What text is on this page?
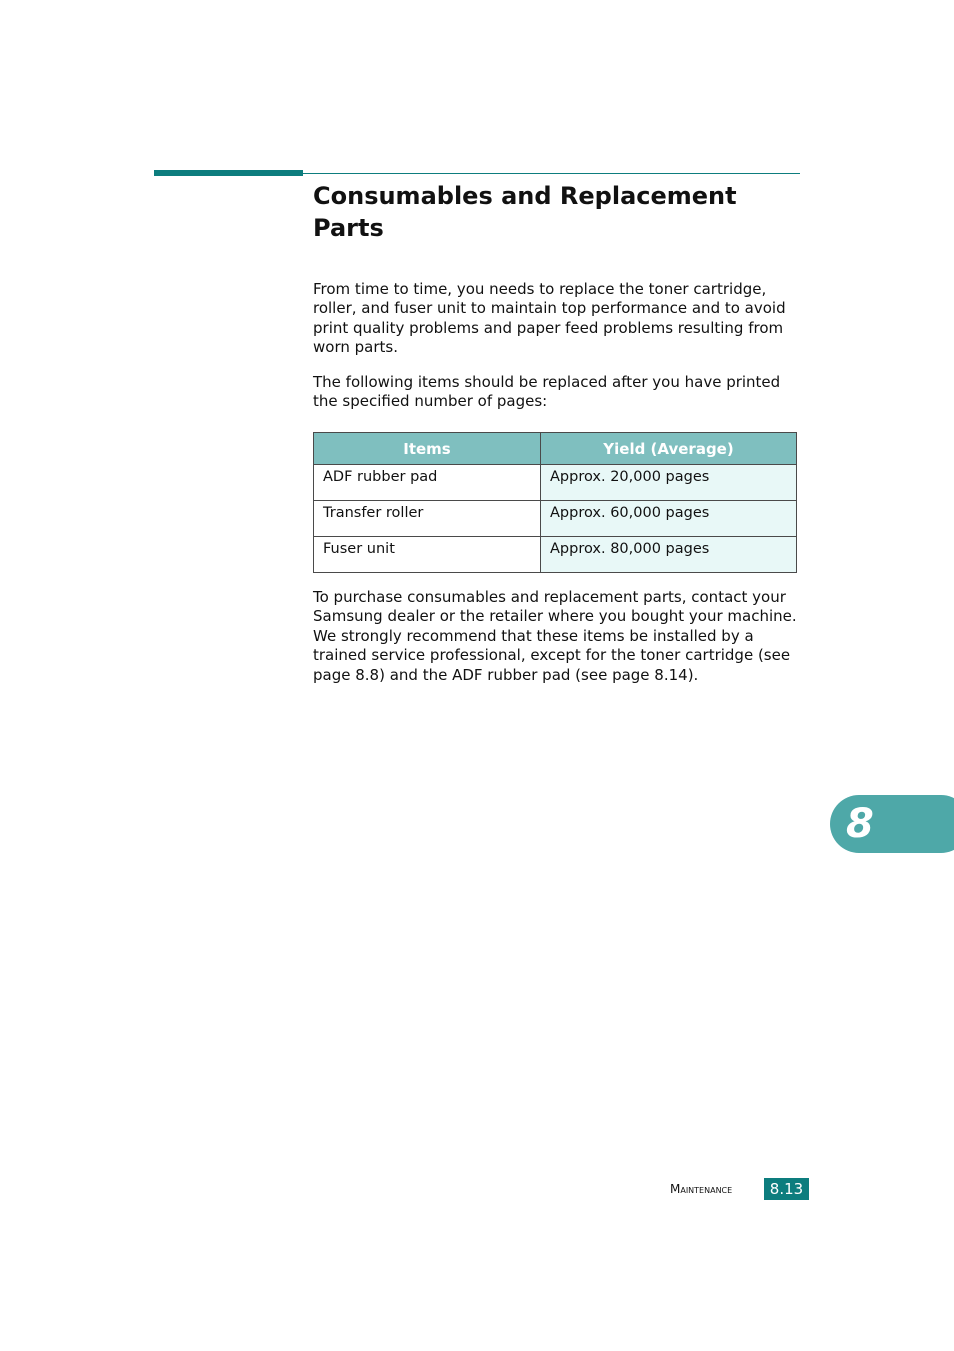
Consumables and Replacement Parts

From time to time, you needs to replace the toner cartridge, roller, and fuser unit to maintain top performance and to avoid print quality problems and paper feed problems resulting from worn parts.

The following items should be replaced after you have printed the specified number of pages:

Items	Yield (Average)
ADF rubber pad	Approx. 20,000 pages
Transfer roller	Approx. 60,000 pages
Fuser unit	Approx. 80,000 pages

To purchase consumables and replacement parts, contact your Samsung dealer or the retailer where you bought your machine. We strongly recommend that these items be installed by a trained service professional, except for the toner cartridge (see page 8.8) and the ADF rubber pad (see page 8.14).

8
Maintenance	8.13
